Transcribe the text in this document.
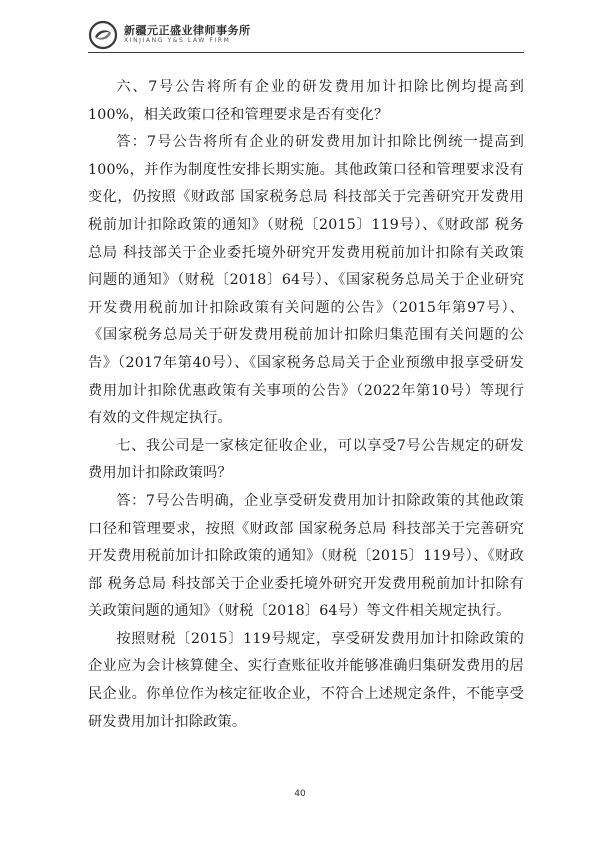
新疆元正盛业律师事务所
XINJIANG Y&S LAW FIRM

六、7号公告将所有企业的研发费用加计扣除比例均提高到100%，相关政策口径和管理要求是否有变化？

答：7号公告将所有企业的研发费用加计扣除比例统一提高到100%，并作为制度性安排长期实施。其他政策口径和管理要求没有变化，仍按照《财政部 国家税务总局 科技部关于完善研究开发费用税前加计扣除政策的通知》（财税〔2015〕119号）、《财政部 税务总局 科技部关于企业委托境外研究开发费用税前加计扣除有关政策问题的通知》（财税〔2018〕64号）、《国家税务总局关于企业研究开发费用税前加计扣除政策有关问题的公告》（2015年第97号）、《国家税务总局关于研发费用税前加计扣除归集范围有关问题的公告》（2017年第40号）、《国家税务总局关于企业预缴申报享受研发费用加计扣除优惠政策有关事项的公告》（2022年第10号）等现行有效的文件规定执行。

七、我公司是一家核定征收企业，可以享受7号公告规定的研发费用加计扣除政策吗？

答：7号公告明确，企业享受研发费用加计扣除政策的其他政策口径和管理要求，按照《财政部 国家税务总局 科技部关于完善研究开发费用税前加计扣除政策的通知》（财税〔2015〕119号）、《财政部 税务总局 科技部关于企业委托境外研究开发费用税前加计扣除有关政策问题的通知》（财税〔2018〕64号）等文件相关规定执行。

按照财税〔2015〕119号规定，享受研发费用加计扣除政策的企业应为会计核算健全、实行查账征收并能够准确归集研发费用的居民企业。你单位作为核定征收企业，不符合上述规定条件，不能享受研发费用加计扣除政策。

40
